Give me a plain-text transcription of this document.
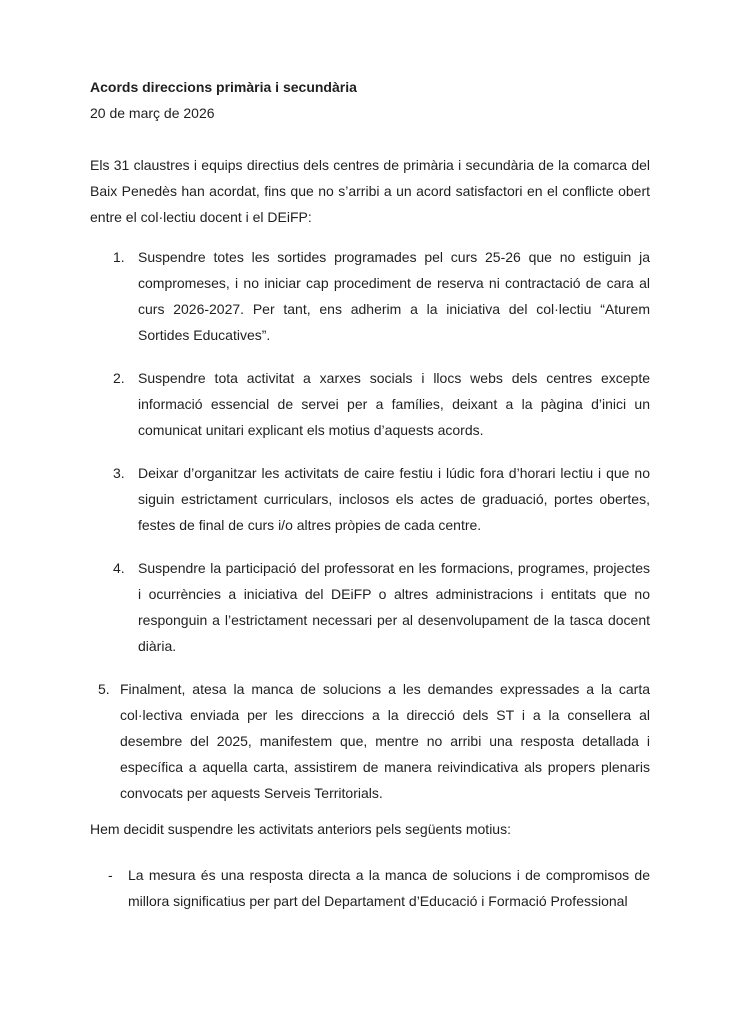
Acords direccions primària i secundària

20 de març de 2026

Els 31 claustres i equips directius dels centres de primària i secundària de la comarca del Baix Penedès han acordat, fins que no s’arribi a un acord satisfactori en el conflicte obert entre el col·lectiu docent i el DEiFP:

1. Suspendre totes les sortides programades pel curs 25-26 que no estiguin ja compromeses, i no iniciar cap procediment de reserva ni contractació de cara al curs 2026-2027. Per tant, ens adherim a la iniciativa del col·lectiu “Aturem Sortides Educatives”.
2. Suspendre tota activitat a xarxes socials i llocs webs dels centres excepte informació essencial de servei per a famílies, deixant a la pàgina d’inici un comunicat unitari explicant els motius d’aquests acords.
3. Deixar d’organitzar les activitats de caire festiu i lúdic fora d’horari lectiu i que no siguin estrictament curriculars, inclosos els actes de graduació, portes obertes, festes de final de curs i/o altres pròpies de cada centre.
4. Suspendre la participació del professorat en les formacions, programes, projectes i ocurrències a iniciativa del DEiFP o altres administracions i entitats que no responguin a l’estrictament necessari per al desenvolupament de la tasca docent diària.
5. Finalment, atesa la manca de solucions a les demandes expressades a la carta col·lectiva enviada per les direccions a la direcció dels ST i a la consellera al desembre del 2025, manifestem que, mentre no arribi una resposta detallada i específica a aquella carta, assistirem de manera reivindicativa als propers plenaris convocats per aquests Serveis Territorials.

Hem decidit suspendre les activitats anteriors pels següents motius:

- La mesura és una resposta directa a la manca de solucions i de compromisos de millora significatius per part del Departament d’Educació i Formació Professional
